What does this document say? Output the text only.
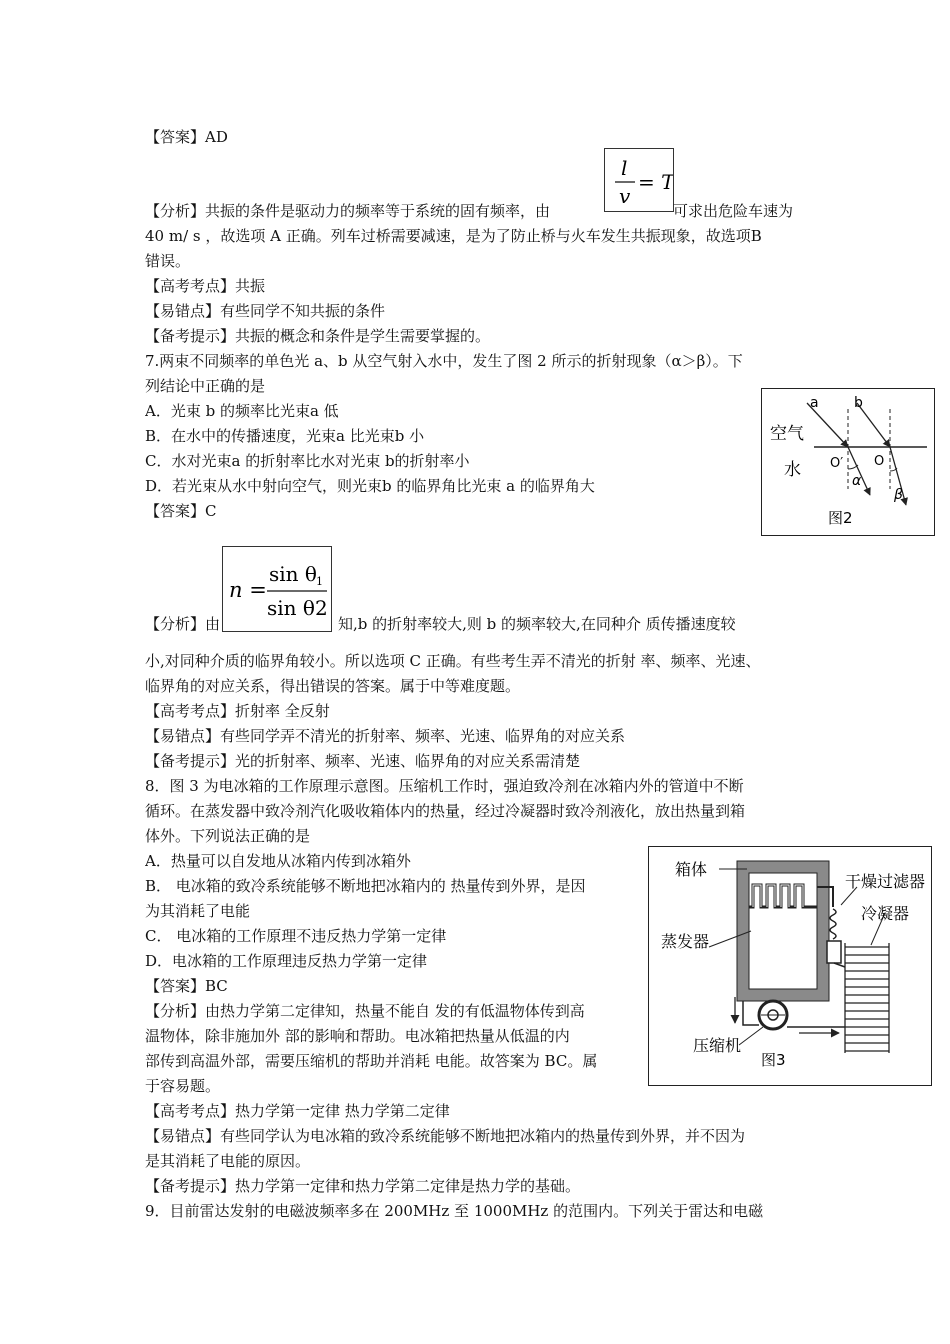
【答案】AD
【分析】共振的条件是驱动力的频率等于系统的固有频率，由
l
v
= T
可求出危险车速为
40 m/ s ，故选项 A 正确。列车过桥需要减速，是为了防止桥与火车发生共振现象，故选项B
错误。
【高考考点】共振
【易错点】有些同学不知共振的条件
【备考提示】共振的概念和条件是学生需要掌握的。
7.两束不同频率的单色光 a、b 从空气射入水中，发生了图 2 所示的折射现象（α＞β）。下
列结论中正确的是
A．光束 b 的频率比光束a 低
B．在水中的传播速度，光束a 比光束b 小
C．水对光束a 的折射率比水对光束 b的折射率小
D．若光束从水中射向空气，则光束b 的临界角比光束 a 的临界角大
【答案】C
a	b
空气
水 O′ O
α
β
图2
n =
sin θ 1
sin θ2
【分析】由	知,b 的折射率较大,则 b 的频率较大,在同种介 质传播速度较
小,对同种介质的临界角较小。所以选项 C 正确。有些考生弄不清光的折射 率、频率、光速、
临界角的对应关系，得出错误的答案。属于中等难度题。
【高考考点】折射率 全反射
【易错点】有些同学弄不清光的折射率、频率、光速、临界角的对应关系
【备考提示】光的折射率、频率、光速、临界角的对应关系需清楚
8．图 3 为电冰箱的工作原理示意图。压缩机工作时，强迫致冷剂在冰箱内外的管道中不断
循环。在蒸发器中致冷剂汽化吸收箱体内的热量，经过冷凝器时致冷剂液化，放出热量到箱
体外。下列说法正确的是
A．热量可以自发地从冰箱内传到冰箱外
B． 电冰箱的致冷系统能够不断地把冰箱内的 热量传到外界，是因
为其消耗了电能
C． 电冰箱的工作原理不违反热力学第一定律
D．电冰箱的工作原理违反热力学第一定律
【答案】BC
【分析】由热力学第二定律知，热量不能自 发的有低温物体传到高
温物体，除非施加外 部的影响和帮助。电冰箱把热量从低温的内
部传到高温外部，需要压缩机的帮助并消耗 电能。故答案为 BC。属
于容易题。
箱体
干燥过滤器
冷凝器
蒸发器
压缩机
图3
【高考考点】热力学第一定律 热力学第二定律
【易错点】有些同学认为电冰箱的致冷系统能够不断地把冰箱内的热量传到外界，并不因为
是其消耗了电能的原因。
【备考提示】热力学第一定律和热力学第二定律是热力学的基础。
9．目前雷达发射的电磁波频率多在 200MHz 至 1000MHz 的范围内。下列关于雷达和电磁
